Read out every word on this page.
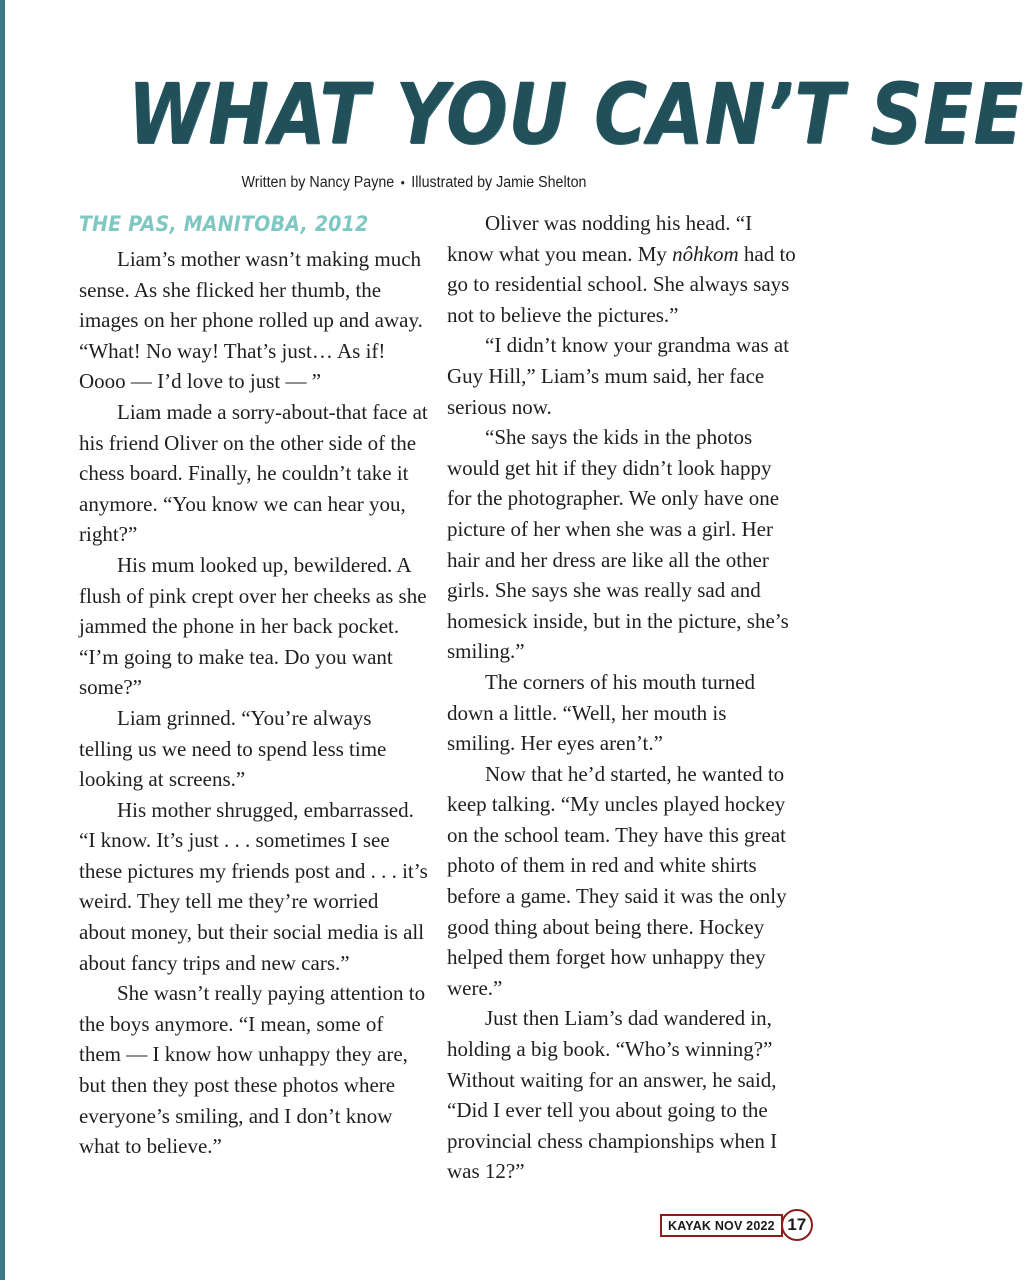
WHAT YOU CAN’T SEE
Written by Nancy Payne • Illustrated by Jamie Shelton
THE PAS, MANITOBA, 2012

Liam’s mother wasn’t making much sense. As she flicked her thumb, the images on her phone rolled up and away. “What! No way! That’s just… As if! Oooo — I’d love to just — ”

Liam made a sorry-about-that face at his friend Oliver on the other side of the chess board. Finally, he couldn’t take it anymore. “You know we can hear you, right?”

His mum looked up, bewildered. A flush of pink crept over her cheeks as she jammed the phone in her back pocket. “I’m going to make tea. Do you want some?”

Liam grinned. “You’re always telling us we need to spend less time looking at screens.”

His mother shrugged, embarrassed. “I know. It’s just . . . sometimes I see these pictures my friends post and . . . it’s weird. They tell me they’re worried about money, but their social media is all about fancy trips and new cars.”

She wasn’t really paying attention to the boys anymore. “I mean, some of them — I know how unhappy they are, but then they post these photos where everyone’s smiling, and I don’t know what to believe.”

Oliver was nodding his head. “I know what you mean. My nôhkom had to go to residential school. She always says not to believe the pictures.”

“I didn’t know your grandma was at Guy Hill,” Liam’s mum said, her face serious now.

“She says the kids in the photos would get hit if they didn’t look happy for the photographer. We only have one picture of her when she was a girl. Her hair and her dress are like all the other girls. She says she was really sad and homesick inside, but in the picture, she’s smiling.”

The corners of his mouth turned down a little. “Well, her mouth is smiling. Her eyes aren’t.”

Now that he’d started, he wanted to keep talking. “My uncles played hockey on the school team. They have this great photo of them in red and white shirts before a game. They said it was the only good thing about being there. Hockey helped them forget how unhappy they were.”

Just then Liam’s dad wandered in, holding a big book. “Who’s winning?” Without waiting for an answer, he said, “Did I ever tell you about going to the provincial chess championships when I was 12?”

KAYAK NOV 2022 17
